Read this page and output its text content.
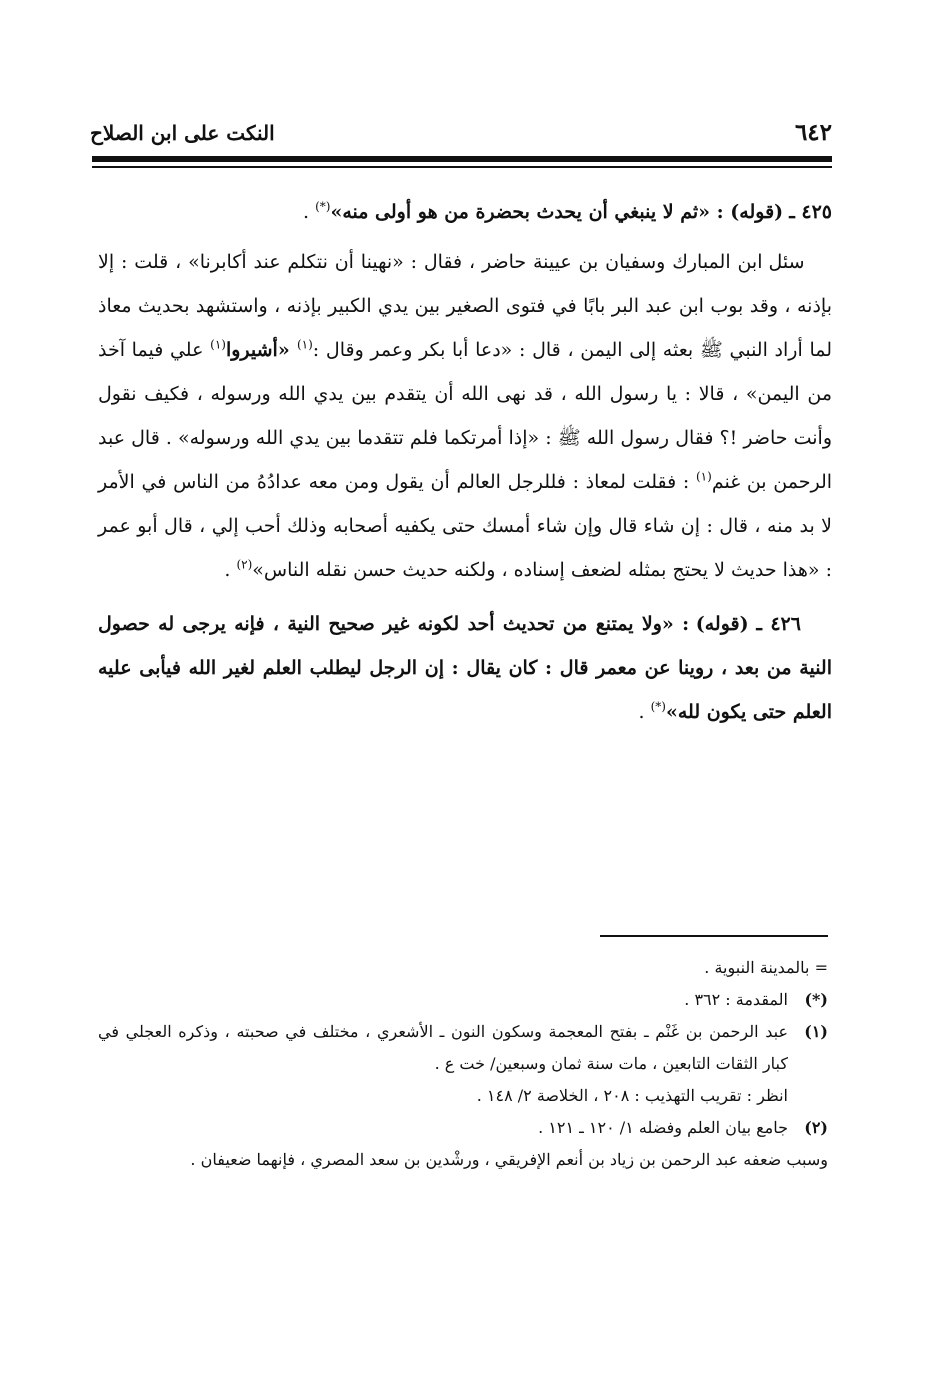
٦٤٢
النكت على ابن الصلاح

٤٢٥ ـ (قوله) : «ثم لا ينبغي أن يحدث بحضرة من هو أولى منه»(*) .

سئل ابن المبارك وسفيان بن عيينة حاضر ، فقال : «نهينا أن نتكلم عند أكابرنا» ، قلت : إلا بإذنه ، وقد بوب ابن عبد البر بابًا في فتوى الصغير بين يدي الكبير بإذنه ، واستشهد بحديث معاذ لما أراد النبي ﷺ بعثه إلى اليمن ، قال : «دعا أبا بكر وعمر وقال :$^{(١)}$ «أشيروا$^{(١)}$ علي فيما آخذ من اليمن» ، قالا : يا رسول الله ، قد نهى الله أن يتقدم بين يدي الله ورسوله ، فكيف نقول وأنت حاضر !؟ فقال رسول الله ﷺ : «إذا أمرتكما فلم تتقدما بين يدي الله ورسوله» . قال عبد الرحمن بن غنم$^{(١)}$ : فقلت لمعاذ : فللرجل العالم أن يقول ومن معه عدادُهُ من الناس في الأمر لا بد منه ، قال : إن شاء قال وإن شاء أمسك حتى يكفيه أصحابه وذلك أحب إلي ، قال أبو عمر : «هذا حديث لا يحتج بمثله لضعف إسناده ، ولكنه حديث حسن نقله الناس»$^{(٢)}$ .

٤٢٦ ـ (قوله) : «ولا يمتنع من تحديث أحد لكونه غير صحيح النية ، فإنه يرجى له حصول النية من بعد ، روينا عن معمر قال : كان يقال : إن الرجل ليطلب العلم لغير الله فيأبى عليه العلم حتى يكون لله»(*) .

= بالمدينة النبوية .
(*)
المقدمة : ٣٦٢ .
(١)
عبد الرحمن بن غَنْم ـ بفتح المعجمة وسكون النون ـ الأشعري ، مختلف في صحبته ، وذكره العجلي في كبار الثقات التابعين ، مات سنة ثمان وسبعين/ خت ع .
انظر : تقريب التهذيب : ٢٠٨ ، الخلاصة ٢/ ١٤٨ .
(٢)
جامع بيان العلم وفضله ١/ ١٢٠ ـ ١٢١ .
وسبب ضعفه عبد الرحمن بن زياد بن أنعم الإفريقي ، ورشْدين بن سعد المصري ، فإنهما ضعيفان .
